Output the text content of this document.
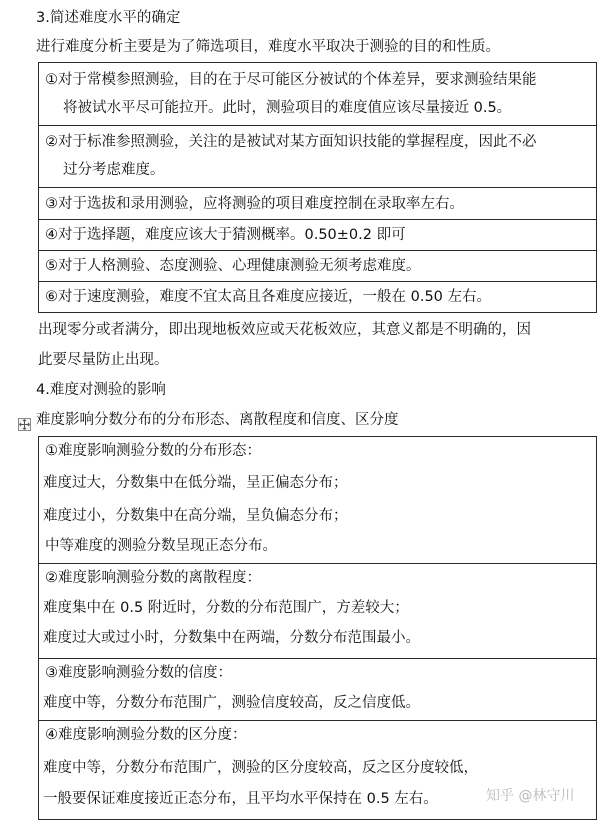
3.简述难度水平的确定
进行难度分析主要是为了筛选项目，难度水平取决于测验的目的和性质。
①对于常模参照测验，目的在于尽可能区分被试的个体差异，要求测验结果能
将被试水平尽可能拉开。此时，测验项目的难度值应该尽量接近 0.5。
②对于标准参照测验，关注的是被试对某方面知识技能的掌握程度，因此不必
过分考虑难度。
③对于选拔和录用测验，应将测验的项目难度控制在录取率左右。
④对于选择题，难度应该大于猜测概率。0.50±0.2 即可
⑤对于人格测验、态度测验、心理健康测验无须考虑难度。
⑥对于速度测验，难度不宜太高且各难度应接近，一般在 0.50 左右。
出现零分或者满分，即出现地板效应或天花板效应，其意义都是不明确的，因
此要尽量防止出现。
4.难度对测验的影响
难度影响分数分布的分布形态、离散程度和信度、区分度
①难度影响测验分数的分布形态：
难度过大，分数集中在低分端，呈正偏态分布；
难度过小，分数集中在高分端，呈负偏态分布；
中等难度的测验分数呈现正态分布。
②难度影响测验分数的离散程度：
难度集中在 0.5 附近时，分数的分布范围广，方差较大；
难度过大或过小时，分数集中在两端，分数分布范围最小。
③难度影响测验分数的信度：
难度中等，分数分布范围广，测验信度较高，反之信度低。
④难度影响测验分数的区分度：
难度中等，分数分布范围广，测验的区分度较高，反之区分度较低，
一般要保证难度接近正态分布，且平均水平保持在 0.5 左右。	知乎 @林守川
